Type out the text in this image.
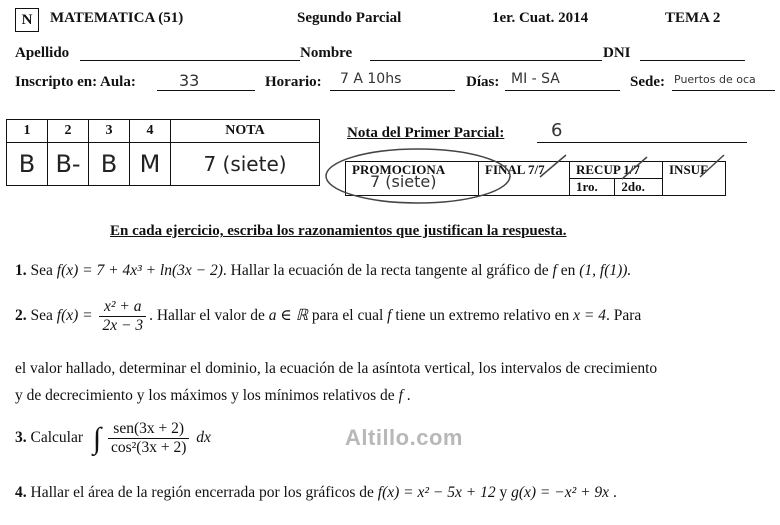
N	MATEMATICA (51)	Segundo Parcial	1er. Cuat. 2014	TEMA 2
Apellido	Nombre	DNI
Inscripto en: Aula:	33	Horario: 7 A 10hs	Días: MI - SA	Sede: Puertos de oca
1	2	3	4	NOTA
B	B-	B	M	7 (siete)
Nota del Primer Parcial:	6
PROMOCIONA	FINAL 7/7	RECUP 1/7		INSUF
		1ro.	2do.	
7 (siete)
En cada ejercicio, escriba los razonamientos que justifican la respuesta.
1. Sea f(x) = 7 + 4x³ + ln(3x − 2). Hallar la ecuación de la recta tangente al gráfico de f en (1, f(1)).
2. Sea $f(x) = \frac{\text{x² + a}}{2x - 3}$ . Hallar el valor de a ∈ ℝ para el cual f tiene un extremo relativo en x = 4. Para
el valor hallado, determinar el dominio, la ecuación de la asíntota vertical, los intervalos de crecimiento
y de decrecimiento y los máximos y los mínimos relativos de f .
3. Calcular ∫ $\frac{\text{sen(3x + 2)}}{\text{cos²(3x + 2)}}$ dx	Altillo.com
4. Hallar el área de la región encerrada por los gráficos de f(x) = x² − 5x + 12 y g(x) = −x² + 9x .
